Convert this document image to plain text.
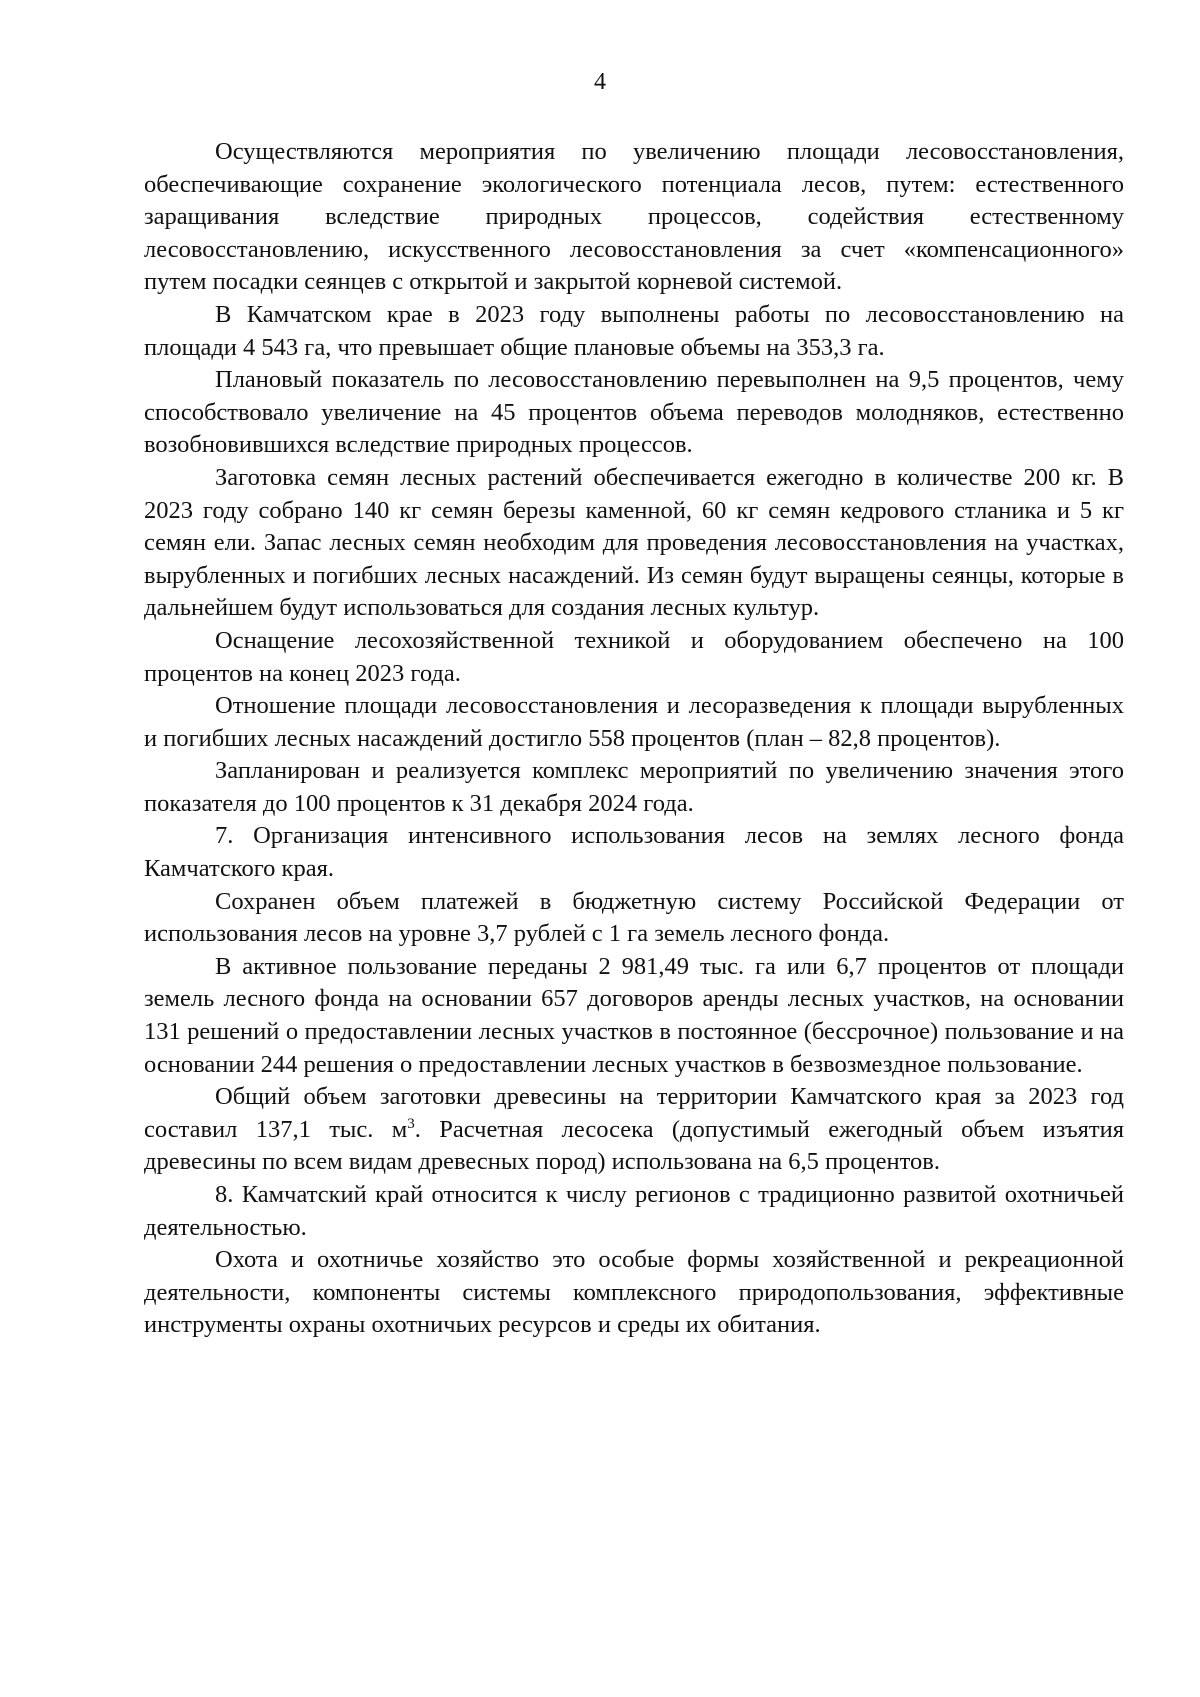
4

Осуществляются мероприятия по увеличению площади лесовосстановления, обеспечивающие сохранение экологического потенциала лесов, путем: естественного заращивания вследствие природных процессов, содействия естественному лесовосстановлению, искусственного лесовосстановления за счет «компенсационного» путем посадки сеянцев с открытой и закрытой корневой системой.

В Камчатском крае в 2023 году выполнены работы по лесовосстановлению на площади 4 543 га, что превышает общие плановые объемы на 353,3 га.

Плановый показатель по лесовосстановлению перевыполнен на 9,5 процентов, чему способствовало увеличение на 45 процентов объема переводов молодняков, естественно возобновившихся вследствие природных процессов.

Заготовка семян лесных растений обеспечивается ежегодно в количестве 200 кг. В 2023 году собрано 140 кг семян березы каменной, 60 кг семян кедрового стланика и 5 кг семян ели. Запас лесных семян необходим для проведения лесовосстановления на участках, вырубленных и погибших лесных насаждений. Из семян будут выращены сеянцы, которые в дальнейшем будут использоваться для создания лесных культур.

Оснащение лесохозяйственной техникой и оборудованием обеспечено на 100 процентов на конец 2023 года.

Отношение площади лесовосстановления и лесоразведения к площади вырубленных и погибших лесных насаждений достигло 558 процентов (план – 82,8 процентов).

Запланирован и реализуется комплекс мероприятий по увеличению значения этого показателя до 100 процентов к 31 декабря 2024 года.

7. Организация интенсивного использования лесов на землях лесного фонда Камчатского края.

Сохранен объем платежей в бюджетную систему Российской Федерации от использования лесов на уровне 3,7 рублей с 1 га земель лесного фонда.

В активное пользование переданы 2 981,49 тыс. га или 6,7 процентов от площади земель лесного фонда на основании 657 договоров аренды лесных участков, на основании 131 решений о предоставлении лесных участков в постоянное (бессрочное) пользование и на основании 244 решения о предоставлении лесных участков в безвозмездное пользование.

Общий объем заготовки древесины на территории Камчатского края за 2023 год составил 137,1 тыс. $м^3$. Расчетная лесосека (допустимый ежегодный объем изъятия древесины по всем видам древесных пород) использована на 6,5 процентов.

8. Камчатский край относится к числу регионов с традиционно развитой охотничьей деятельностью.

Охота и охотничье хозяйство это особые формы хозяйственной и рекреационной деятельности, компоненты системы комплексного природопользования, эффективные инструменты охраны охотничьих ресурсов и среды их обитания.
